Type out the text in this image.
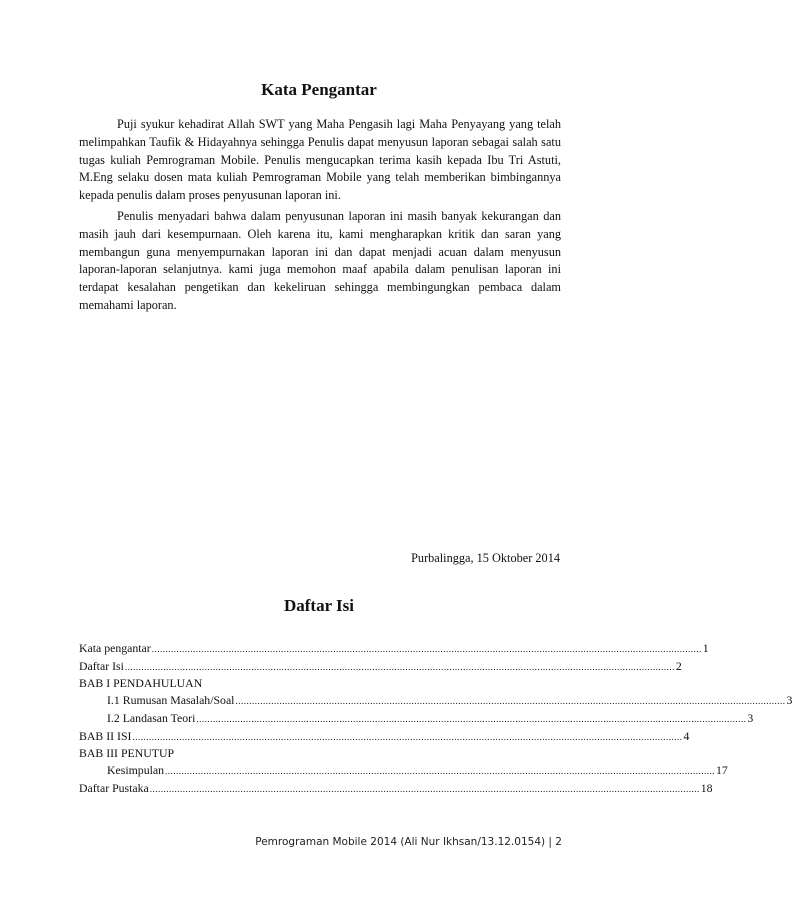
Kata Pengantar

Puji syukur kehadirat Allah SWT yang Maha Pengasih lagi Maha Penyayang yang telah melimpahkan Taufik & Hidayahnya sehingga Penulis dapat menyusun laporan sebagai salah satu tugas kuliah Pemrograman Mobile. Penulis mengucapkan terima kasih kepada Ibu Tri Astuti, M.Eng selaku dosen mata kuliah Pemrograman Mobile yang telah memberikan bimbingannya kepada penulis dalam proses penyusunan laporan ini.

Penulis menyadari bahwa dalam penyusunan laporan ini masih banyak kekurangan dan masih jauh dari kesempurnaan. Oleh karena itu, kami mengharapkan kritik dan saran yang membangun guna menyempurnakan laporan ini dan dapat menjadi acuan dalam menyusun laporan-laporan selanjutnya. kami juga memohon maaf apabila dalam penulisan laporan ini terdapat kesalahan pengetikan dan kekeliruan sehingga membingungkan pembaca dalam memahami laporan.

Purbalingga, 15 Oktober 2014

Daftar Isi
Kata pengantar ........................................................................................................................................................................................................ 1
Daftar Isi ........................................................................................................................................................................................................ 2
BAB I PENDAHULUAN
I.1 Rumusan Masalah/Soal ........................................................................................................................................................................................................ 3
I.2 Landasan Teori ........................................................................................................................................................................................................ 3
BAB II ISI ........................................................................................................................................................................................................ 4
BAB III PENUTUP
Kesimpulan ........................................................................................................................................................................................................ 17
Daftar Pustaka ........................................................................................................................................................................................................ 18

Pemrograman Mobile 2014 (Ali Nur Ikhsan/13.12.0154) | 2
